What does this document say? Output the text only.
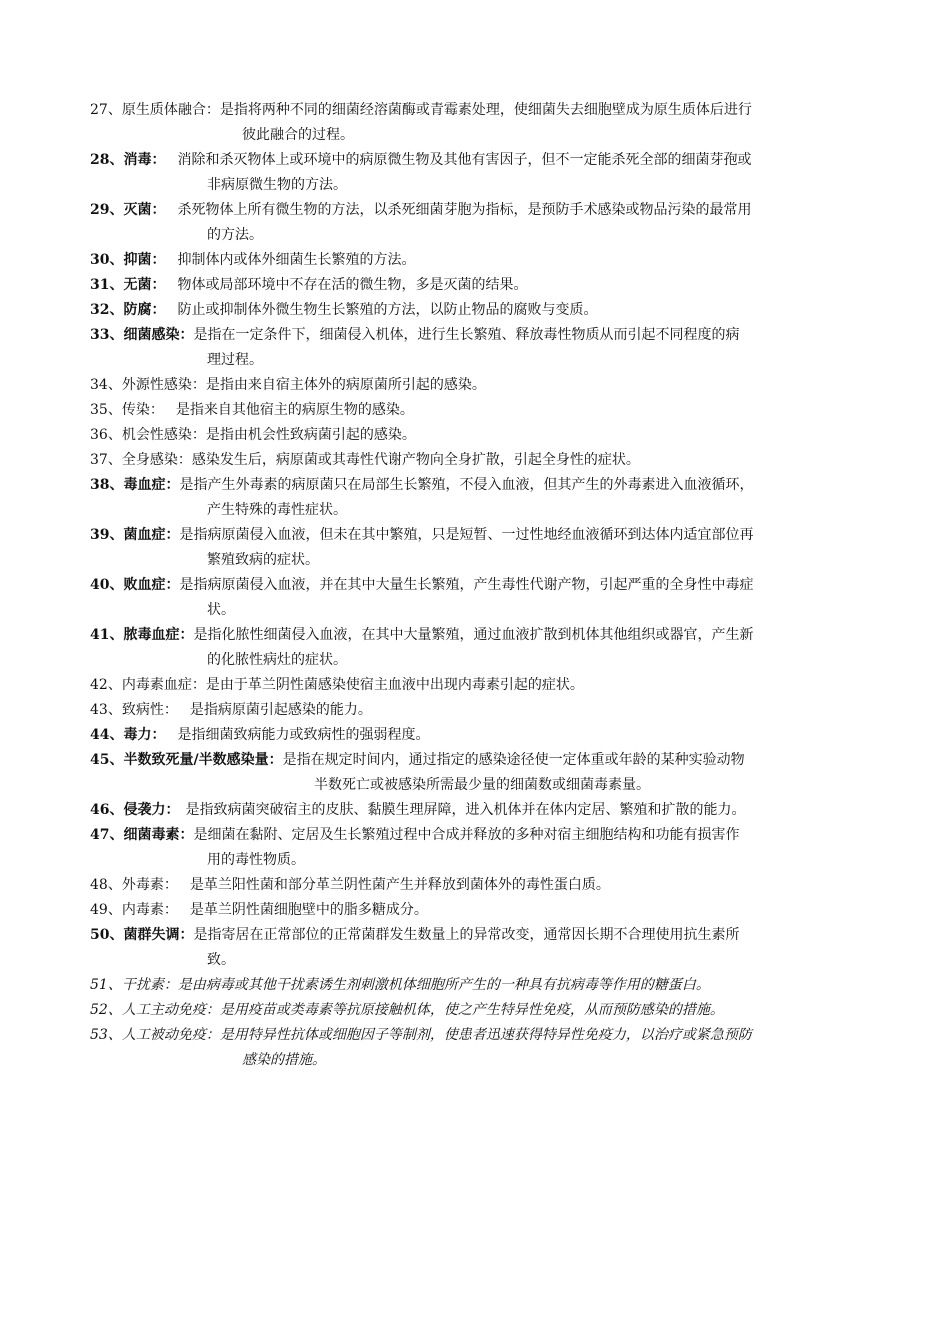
27、原生质体融合：是指将两种不同的细菌经溶菌酶或青霉素处理，使细菌失去细胞壁成为原生质体后进行
彼此融合的过程。
28、消毒： 消除和杀灭物体上或环境中的病原微生物及其他有害因子，但不一定能杀死全部的细菌芽孢或
非病原微生物的方法。
29、灭菌： 杀死物体上所有微生物的方法，以杀死细菌芽胞为指标，是预防手术感染或物品污染的最常用
的方法。
30、抑菌： 抑制体内或体外细菌生长繁殖的方法。
31、无菌： 物体或局部环境中不存在活的微生物，多是灭菌的结果。
32、防腐： 防止或抑制体外微生物生长繁殖的方法，以防止物品的腐败与变质。
33、细菌感染：是指在一定条件下，细菌侵入机体，进行生长繁殖、释放毒性物质从而引起不同程度的病
理过程。
34、外源性感染：是指由来自宿主体外的病原菌所引起的感染。
35、传染： 是指来自其他宿主的病原生物的感染。
36、机会性感染：是指由机会性致病菌引起的感染。
37、全身感染：感染发生后，病原菌或其毒性代谢产物向全身扩散，引起全身性的症状。
38、毒血症：是指产生外毒素的病原菌只在局部生长繁殖，不侵入血液，但其产生的外毒素进入血液循环，
产生特殊的毒性症状。
39、菌血症：是指病原菌侵入血液，但未在其中繁殖，只是短暂、一过性地经血液循环到达体内适宜部位再
繁殖致病的症状。
40、败血症：是指病原菌侵入血液，并在其中大量生长繁殖，产生毒性代谢产物，引起严重的全身性中毒症
状。
41、脓毒血症：是指化脓性细菌侵入血液，在其中大量繁殖，通过血液扩散到机体其他组织或器官，产生新
的化脓性病灶的症状。
42、内毒素血症：是由于革兰阴性菌感染使宿主血液中出现内毒素引起的症状。
43、致病性： 是指病原菌引起感染的能力。
44、毒力： 是指细菌致病能力或致病性的强弱程度。
45、半数致死量/半数感染量：是指在规定时间内，通过指定的感染途径使一定体重或年龄的某种实验动物
半数死亡或被感染所需最少量的细菌数或细菌毒素量。
46、侵袭力： 是指致病菌突破宿主的皮肤、黏膜生理屏障，进入机体并在体内定居、繁殖和扩散的能力。
47、细菌毒素：是细菌在黏附、定居及生长繁殖过程中合成并释放的多种对宿主细胞结构和功能有损害作
用的毒性物质。
48、外毒素： 是革兰阳性菌和部分革兰阴性菌产生并释放到菌体外的毒性蛋白质。
49、内毒素： 是革兰阴性菌细胞壁中的脂多糖成分。
50、菌群失调：是指寄居在正常部位的正常菌群发生数量上的异常改变，通常因长期不合理使用抗生素所
致。
51、干扰素：是由病毒或其他干扰素诱生剂刺激机体细胞所产生的一种具有抗病毒等作用的糖蛋白。
52、人工主动免疫：是用疫苗或类毒素等抗原接触机体，使之产生特异性免疫，从而预防感染的措施。
53、人工被动免疫：是用特异性抗体或细胞因子等制剂，使患者迅速获得特异性免疫力，以治疗或紧急预防
感染的措施。
